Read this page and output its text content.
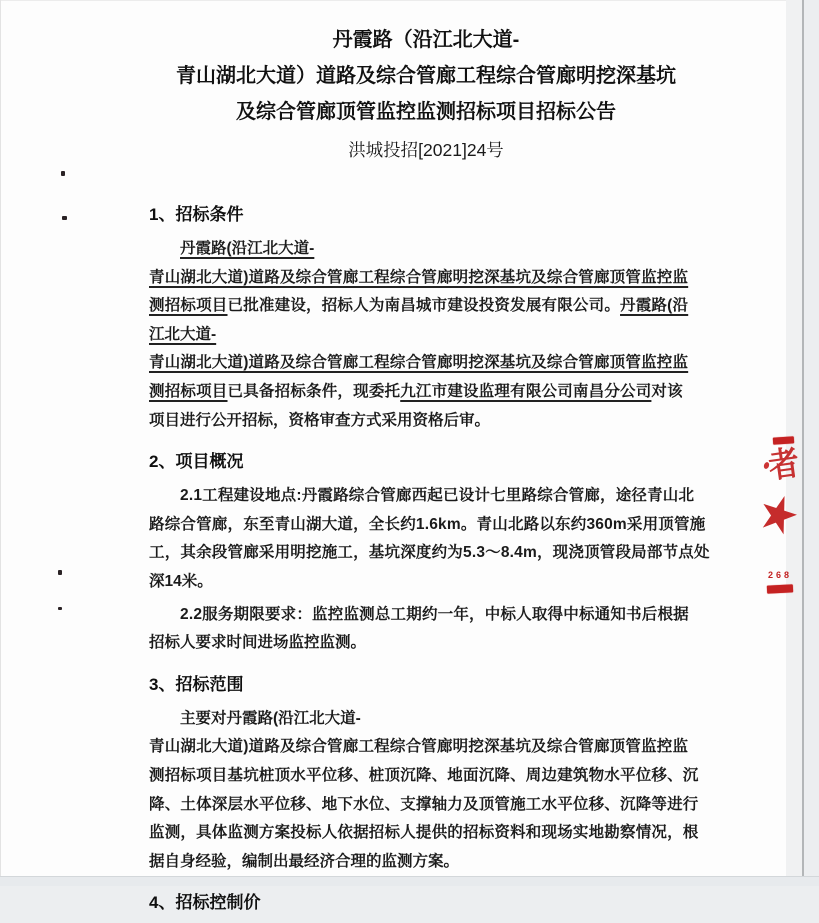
丹霞路（沿江北大道-
青山湖北大道）道路及综合管廊工程综合管廊明挖深基坑
及综合管廊顶管监控监测招标项目招标公告
洪城投招[2021]24号
1、招标条件
丹霞路(沿江北大道-
青山湖北大道)道路及综合管廊工程综合管廊明挖深基坑及综合管廊顶管监控监
测招标项目已批准建设，招标人为南昌城市建设投资发展有限公司。丹霞路(沿
江北大道-
青山湖北大道)道路及综合管廊工程综合管廊明挖深基坑及综合管廊顶管监控监
测招标项目已具备招标条件，现委托九江市建设监理有限公司南昌分公司对该
项目进行公开招标，资格审查方式采用资格后审。
2、项目概况
2.1工程建设地点:丹霞路综合管廊西起已设计七里路综合管廊，途径青山北
路综合管廊，东至青山湖大道，全长约1.6km。青山北路以东约360m采用顶管施
工，其余段管廊采用明挖施工，基坑深度约为5.3～8.4m，现浇顶管段局部节点处
深14米。
2.2服务期限要求：监控监测总工期约一年，中标人取得中标通知书后根据
招标人要求时间进场监控监测。
3、招标范围
主要对丹霞路(沿江北大道-
青山湖北大道)道路及综合管廊工程综合管廊明挖深基坑及综合管廊顶管监控监
测招标项目基坑桩顶水平位移、桩顶沉降、地面沉降、周边建筑物水平位移、沉
降、土体深层水平位移、地下水位、支撑轴力及顶管施工水平位移、沉降等进行
监测，具体监测方案投标人依据招标人提供的招标资料和现场实地勘察情况，根
据自身经验，编制出最经济合理的监测方案。
4、招标控制价
者
★
268
